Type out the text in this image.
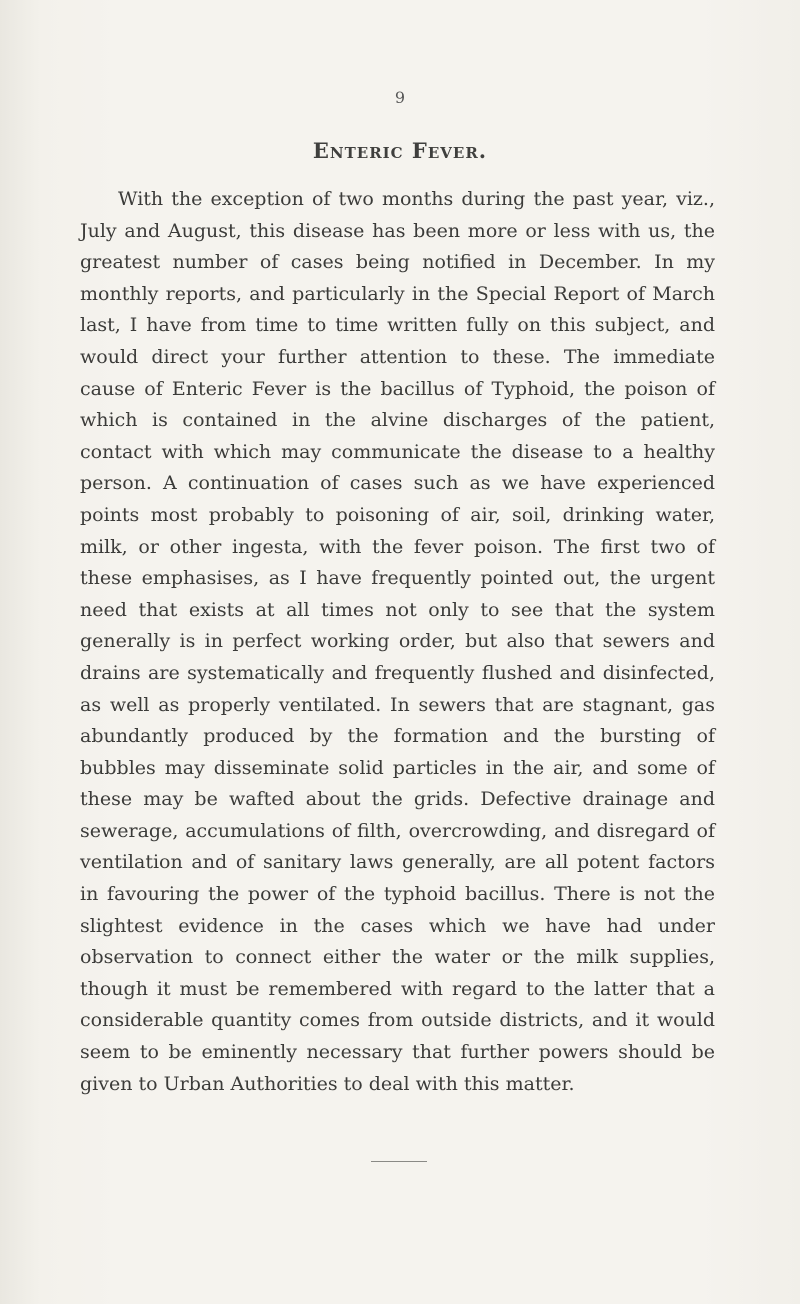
9

Enteric Fever.

With the exception of two months during the past year, viz., July and August, this disease has been more or less with us, the greatest number of cases being notified in December. In my monthly reports, and particularly in the Special Report of March last, I have from time to time written fully on this subject, and would direct your further attention to these. The immediate cause of Enteric Fever is the bacillus of Typhoid, the poison of which is contained in the alvine discharges of the patient, contact with which may communicate the disease to a healthy person. A continuation of cases such as we have experienced points most probably to poisoning of air, soil, drinking water, milk, or other ingesta, with the fever poison. The first two of these emphasises, as I have frequently pointed out, the urgent need that exists at all times not only to see that the system generally is in perfect working order, but also that sewers and drains are systematically and frequently flushed and disinfected, as well as properly ventilated. In sewers that are stagnant, gas abundantly produced by the formation and the bursting of bubbles may disseminate solid particles in the air, and some of these may be wafted about the grids. Defective drainage and sewerage, accumulations of filth, overcrowding, and disregard of ventilation and of sanitary laws generally, are all potent factors in favouring the power of the typhoid bacillus. There is not the slightest evidence in the cases which we have had under observation to connect either the water or the milk supplies, though it must be remembered with regard to the latter that a considerable quantity comes from outside districts, and it would seem to be eminently necessary that further powers should be given to Urban Authorities to deal with this matter.
